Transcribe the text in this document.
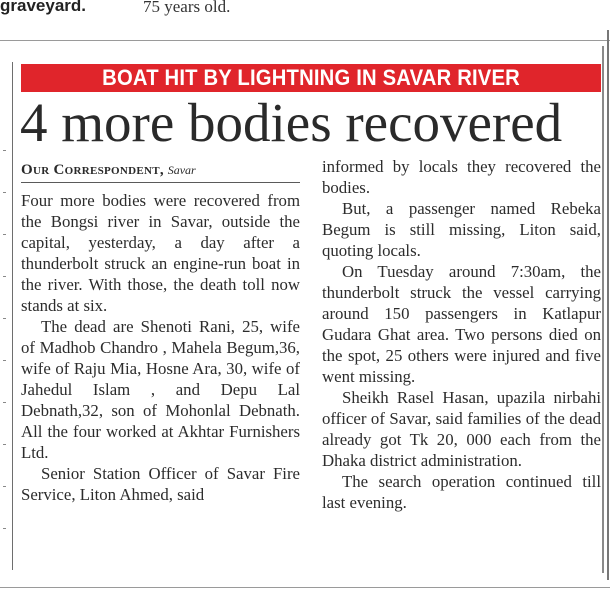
graveyard.	75 years old.
BOAT HIT BY LIGHTNING IN SAVAR RIVER
4 more bodies recovered
Our Correspondent, Savar

Four more bodies were recovered from the Bongsi river in Savar, outside the capital, yesterday, a day after a thunderbolt struck an engine-run boat in the river. With those, the death toll now stands at six.

The dead are Shenoti Rani, 25, wife of Madhob Chandro , Mahela Begum,36, wife of Raju Mia, Hosne Ara, 30, wife of Jahedul Islam , and Depu Lal Debnath,32, son of Mohonlal Debnath. All the four worked at Akhtar Furnishers Ltd.

Senior Station Officer of Savar Fire Service, Liton Ahmed, said

informed by locals they recovered the bodies.

But, a passenger named Rebeka Begum is still missing, Liton said, quoting locals.

On Tuesday around 7:30am, the thunderbolt struck the vessel carrying around 150 passengers in Katlapur Gudara Ghat area. Two persons died on the spot, 25 others were injured and five went missing.

Sheikh Rasel Hasan, upazila nirbahi officer of Savar, said families of the dead already got Tk 20, 000 each from the Dhaka district administration.

The search operation continued till last evening.
